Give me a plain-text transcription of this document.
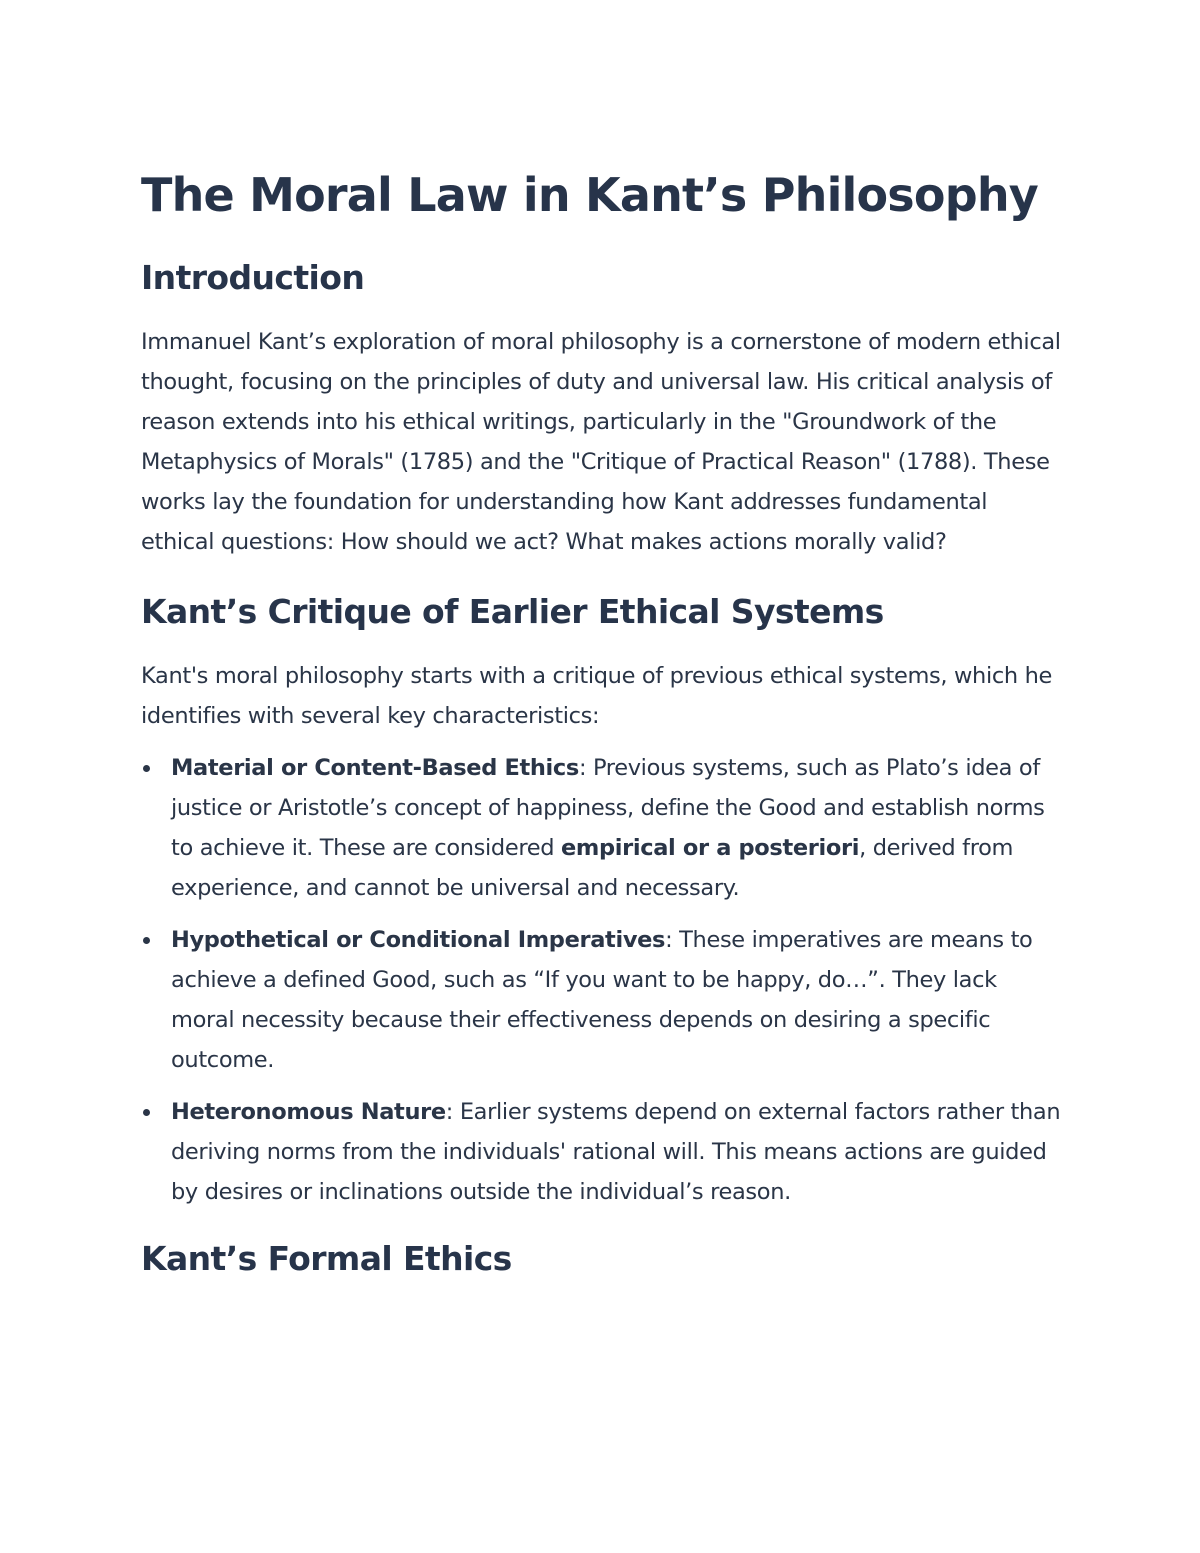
The Moral Law in Kant’s Philosophy
Introduction

Immanuel Kant’s exploration of moral philosophy is a cornerstone of modern ethical thought, focusing on the principles of duty and universal law. His critical analysis of reason extends into his ethical writings, particularly in the "Groundwork of the Metaphysics of Morals" (1785) and the "Critique of Practical Reason" (1788). These works lay the foundation for understanding how Kant addresses fundamental ethical questions: How should we act? What makes actions morally valid?

Kant’s Critique of Earlier Ethical Systems

Kant's moral philosophy starts with a critique of previous ethical systems, which he identifies with several key characteristics:

Material or Content-Based Ethics: Previous systems, such as Plato’s idea of justice or Aristotle’s concept of happiness, define the Good and establish norms to achieve it. These are considered empirical or a posteriori, derived from experience, and cannot be universal and necessary.
Hypothetical or Conditional Imperatives: These imperatives are means to achieve a defined Good, such as “If you want to be happy, do…”. They lack moral necessity because their effectiveness depends on desiring a specific outcome.
Heteronomous Nature: Earlier systems depend on external factors rather than deriving norms from the individuals' rational will. This means actions are guided by desires or inclinations outside the individual’s reason.
Kant’s Formal Ethics
